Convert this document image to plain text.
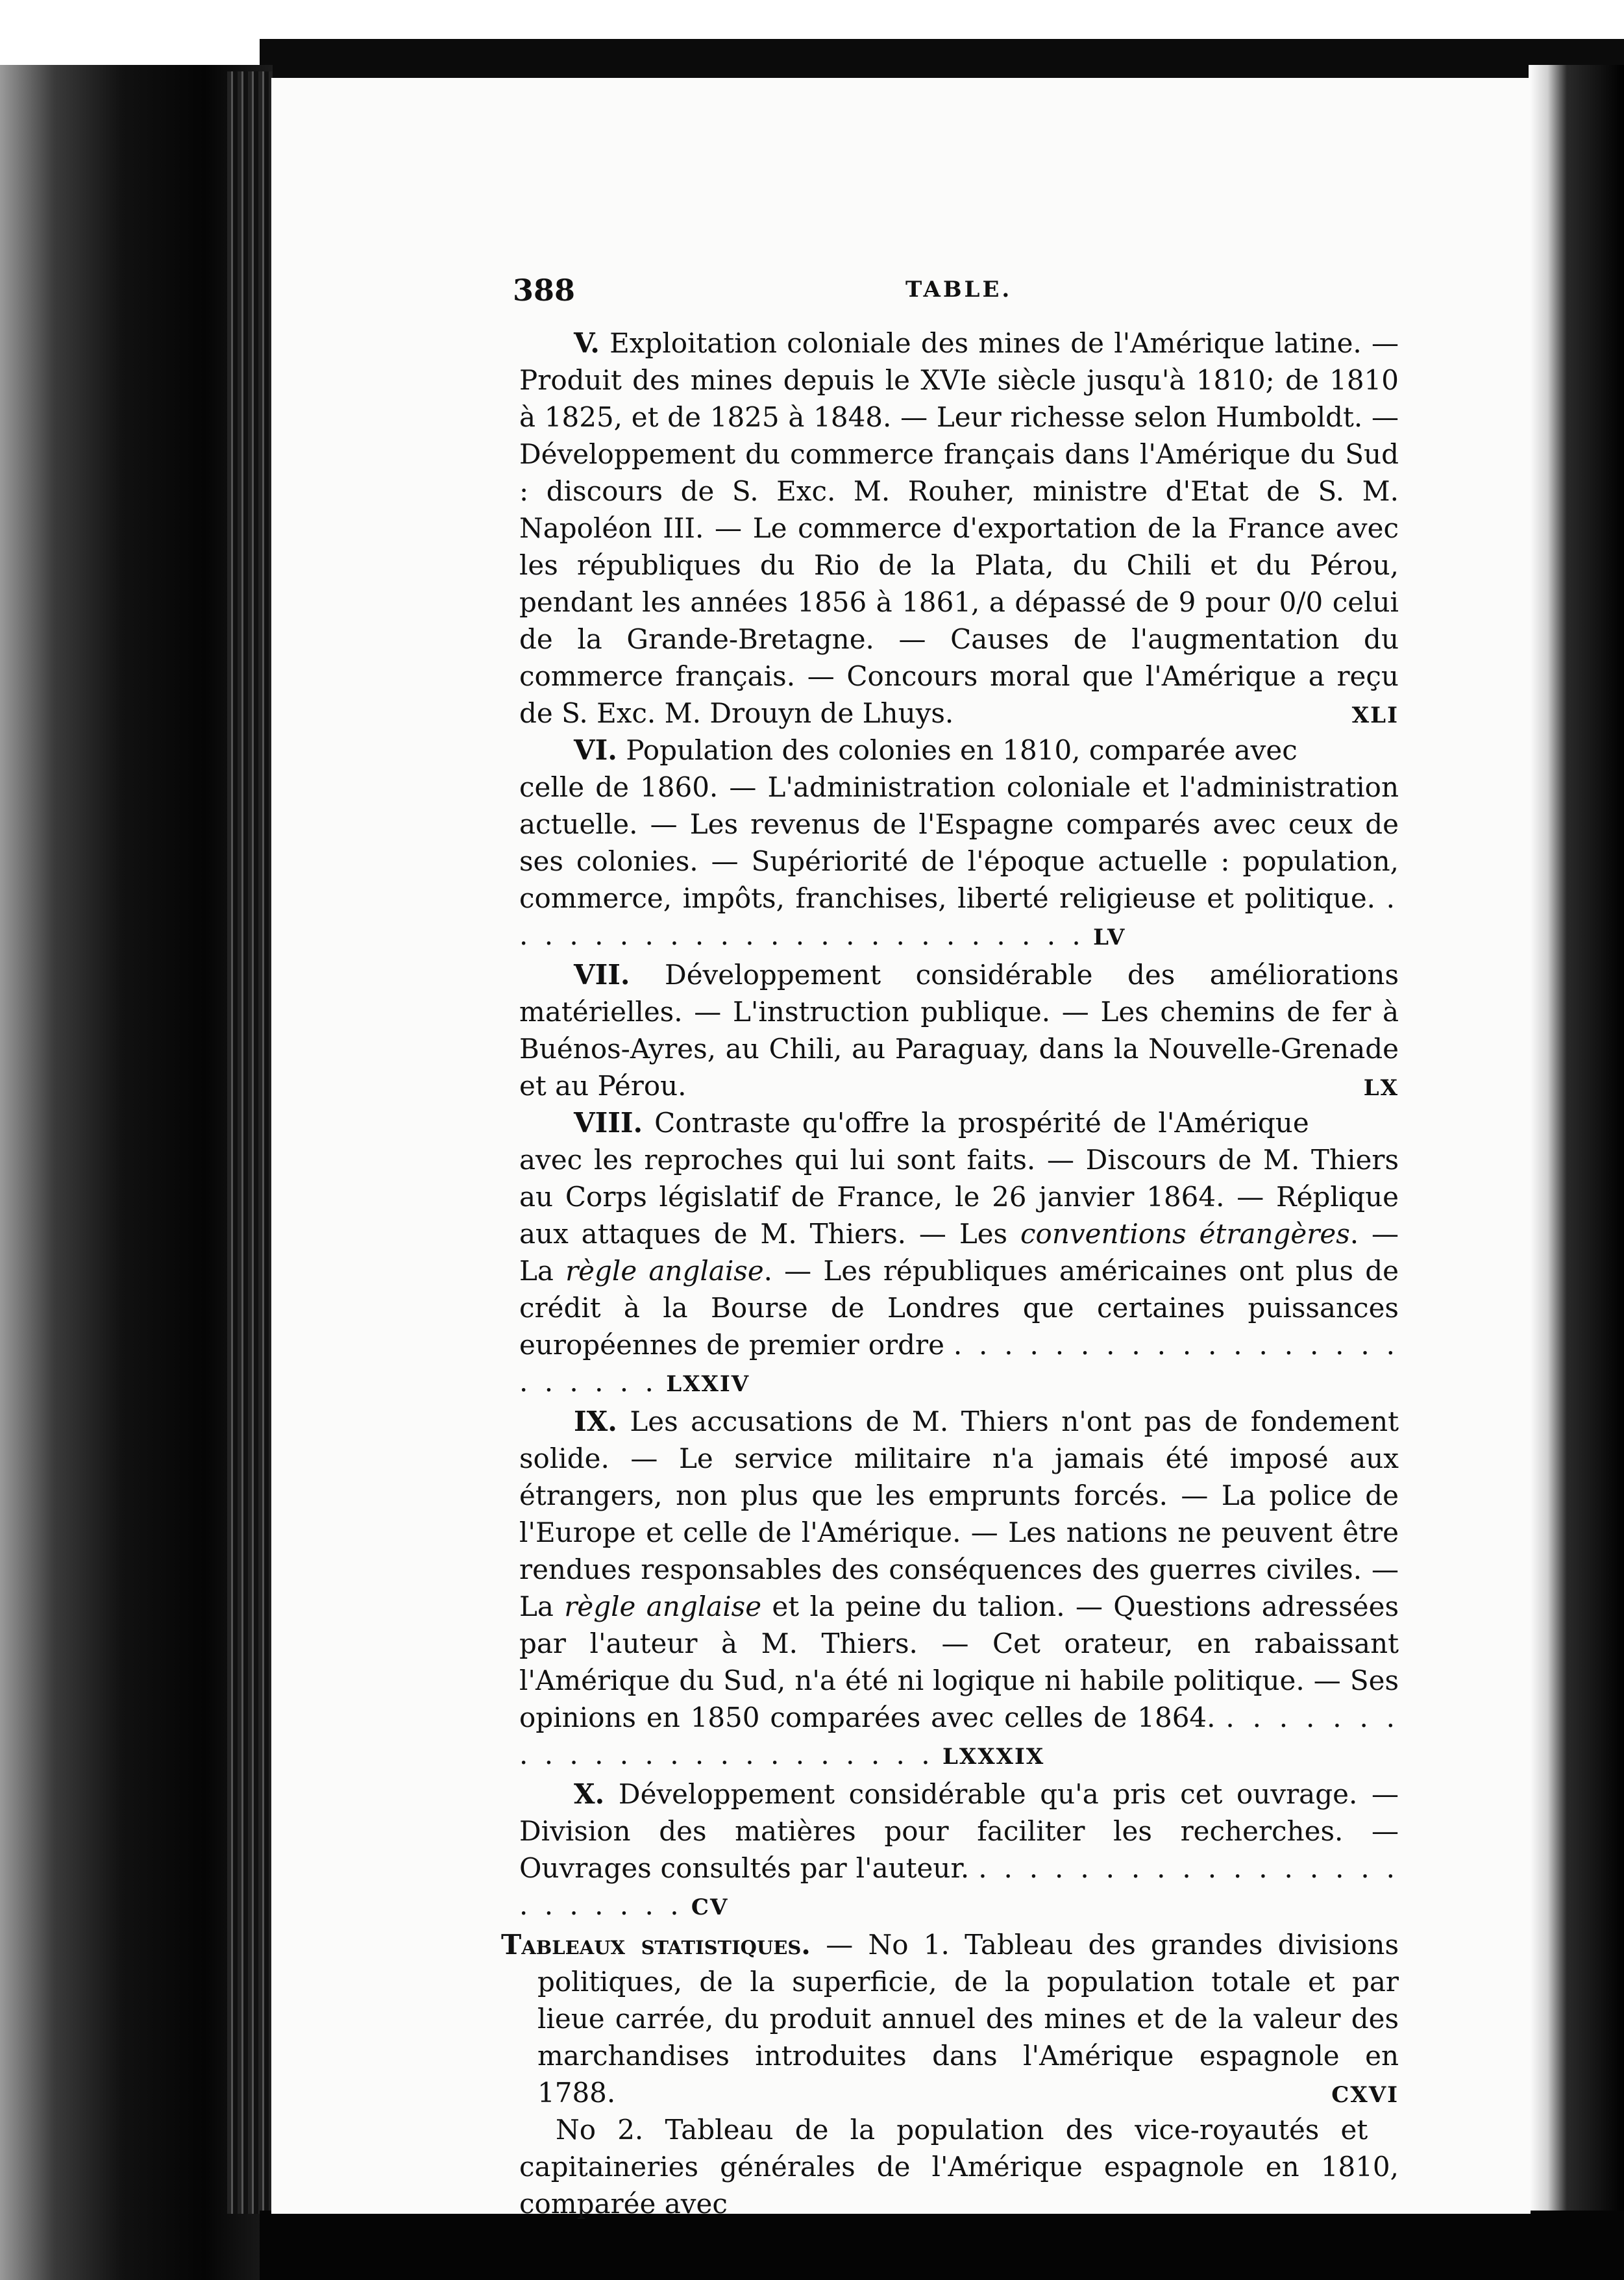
388	TABLE.

V. Exploitation coloniale des mines de l'Amérique latine. — Produit des mines depuis le XVIe siècle jusqu'à 1810; de 1810 à 1825, et de 1825 à 1848. — Leur richesse selon Humboldt. — Développement du commerce français dans l'Amérique du Sud : discours de S. Exc. M. Rouher, ministre d'Etat de S. M. Napoléon III. — Le commerce d'exportation de la France avec les républiques du Rio de la Plata, du Chili et du Pérou, pendant les années 1856 à 1861, a dépassé de 9 pour 0/0 celui de la Grande-Bretagne. — Causes de l'augmentation du commerce français. — Concours moral que l'Amérique a reçu de S. Exc. M. Drouyn de Lhuys.	XLI

VI. Population des colonies en 1810, comparée avec celle de 1860. — L'administration coloniale et l'administration actuelle. — Les revenus de l'Espagne comparés avec ceux de ses colonies. — Supériorité de l'époque actuelle : population, commerce, impôts, franchises, liberté religieuse et politique. . . . . . . . . . . . . . . . . . . . . . . . . LV

VII. Développement considérable des améliorations matérielles. — L'instruction publique. — Les chemins de fer à Buénos-Ayres, au Chili, au Paraguay, dans la Nouvelle-Grenade et au Pérou.	LX

VIII. Contraste qu'offre la prospérité de l'Amérique avec les reproches qui lui sont faits. — Discours de M. Thiers au Corps législatif de France, le 26 janvier 1864. — Réplique aux attaques de M. Thiers. — Les conventions étrangères. — La règle anglaise. — Les républiques américaines ont plus de crédit à la Bourse de Londres que certaines puissances européennes de premier ordre . . . . . . . . . . . . . . . . . . . . . . . . LXXIV

IX. Les accusations de M. Thiers n'ont pas de fondement solide. — Le service militaire n'a jamais été imposé aux étrangers, non plus que les emprunts forcés. — La police de l'Europe et celle de l'Amérique. — Les nations ne peuvent être rendues responsables des conséquences des guerres civiles. — La règle anglaise et la peine du talion. — Questions adressées par l'auteur à M. Thiers. — Cet orateur, en rabaissant l'Amérique du Sud, n'a été ni logique ni habile politique. — Ses opinions en 1850 comparées avec celles de 1864. . . . . . . . . . . . . . . . . . . . . . . . . LXXXIX

X. Développement considérable qu'a pris cet ouvrage. — Division des matières pour faciliter les recherches. — Ouvrages consultés par l'auteur. . . . . . . . . . . . . . . . . . . . . . . . . CV

Tableaux statistiques. — No 1. Tableau des grandes divisions politiques, de la superficie, de la population totale et par lieue carrée, du produit annuel des mines et de la valeur des marchandises introduites dans l'Amérique espagnole en 1788.	CXVI

No 2. Tableau de la population des vice-royautés et capitaineries générales de l'Amérique espagnole en 1810, comparée avec
